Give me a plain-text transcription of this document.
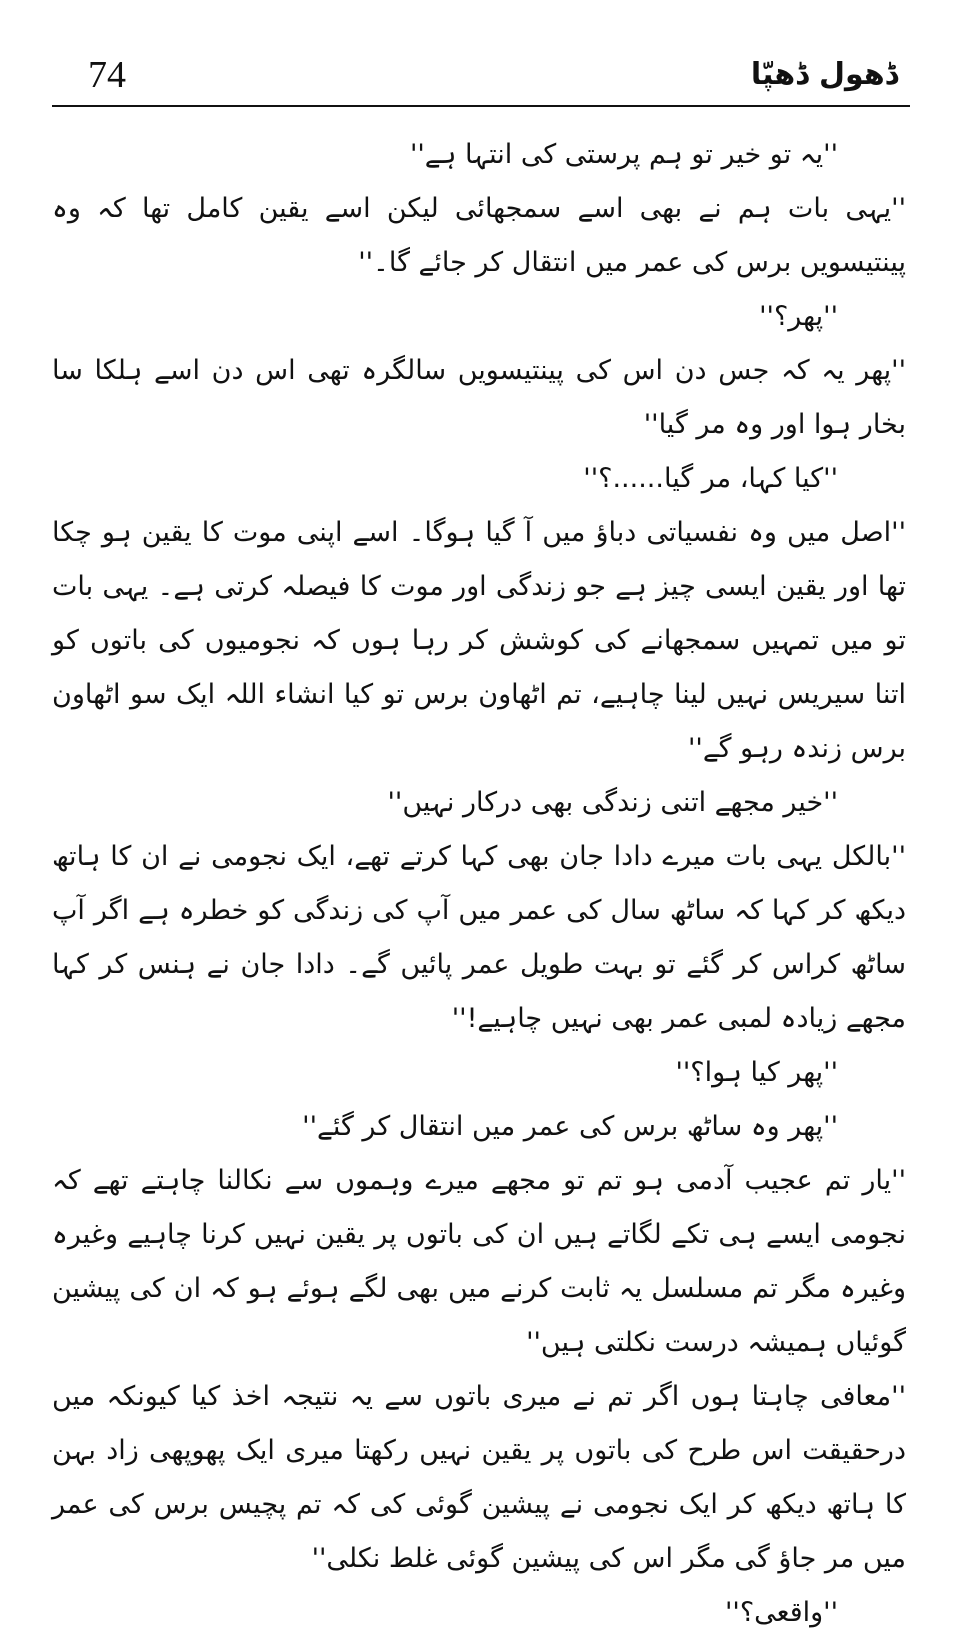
74	ڈھول ڈھپّا

''یہ تو خیر تو ہم پرستی کی انتہا ہے''

''یہی بات ہم نے بھی اسے سمجھائی لیکن اسے یقین کامل تھا کہ وہ پینتیسویں برس کی عمر میں انتقال کر جائے گا۔''

''پھر؟''

''پھر یہ کہ جس دن اس کی پینتیسویں سالگرہ تھی اس دن اسے ہلکا سا بخار ہوا اور وہ مر گیا''

''کیا کہا، مر گیا......؟''

''اصل میں وہ نفسیاتی دباؤ میں آ گیا ہوگا۔ اسے اپنی موت کا یقین ہو چکا تھا اور یقین ایسی چیز ہے جو زندگی اور موت کا فیصلہ کرتی ہے۔ یہی بات تو میں تمہیں سمجھانے کی کوشش کر رہا ہوں کہ نجومیوں کی باتوں کو اتنا سیریس نہیں لینا چاہیے، تم اٹھاون برس تو کیا انشاء اللہ ایک سو اٹھاون برس زندہ رہو گے''

''خیر مجھے اتنی زندگی بھی درکار نہیں''

''بالکل یہی بات میرے دادا جان بھی کہا کرتے تھے، ایک نجومی نے ان کا ہاتھ دیکھ کر کہا کہ ساٹھ سال کی عمر میں آپ کی زندگی کو خطرہ ہے اگر آپ ساٹھ کراس کر گئے تو بہت طویل عمر پائیں گے۔ دادا جان نے ہنس کر کہا مجھے زیادہ لمبی عمر بھی نہیں چاہیے!''

''پھر کیا ہوا؟''

''پھر وہ ساٹھ برس کی عمر میں انتقال کر گئے''

''یار تم عجیب آدمی ہو تم تو مجھے میرے وہموں سے نکالنا چاہتے تھے کہ نجومی ایسے ہی تکے لگاتے ہیں ان کی باتوں پر یقین نہیں کرنا چاہیے وغیرہ وغیرہ مگر تم مسلسل یہ ثابت کرنے میں بھی لگے ہوئے ہو کہ ان کی پیشین گوئیاں ہمیشہ درست نکلتی ہیں''

''معافی چاہتا ہوں اگر تم نے میری باتوں سے یہ نتیجہ اخذ کیا کیونکہ میں درحقیقت اس طرح کی باتوں پر یقین نہیں رکھتا میری ایک پھوپھی زاد بہن کا ہاتھ دیکھ کر ایک نجومی نے پیشین گوئی کی کہ تم پچیس برس کی عمر میں مر جاؤ گی مگر اس کی پیشین گوئی غلط نکلی''

''واقعی؟''
